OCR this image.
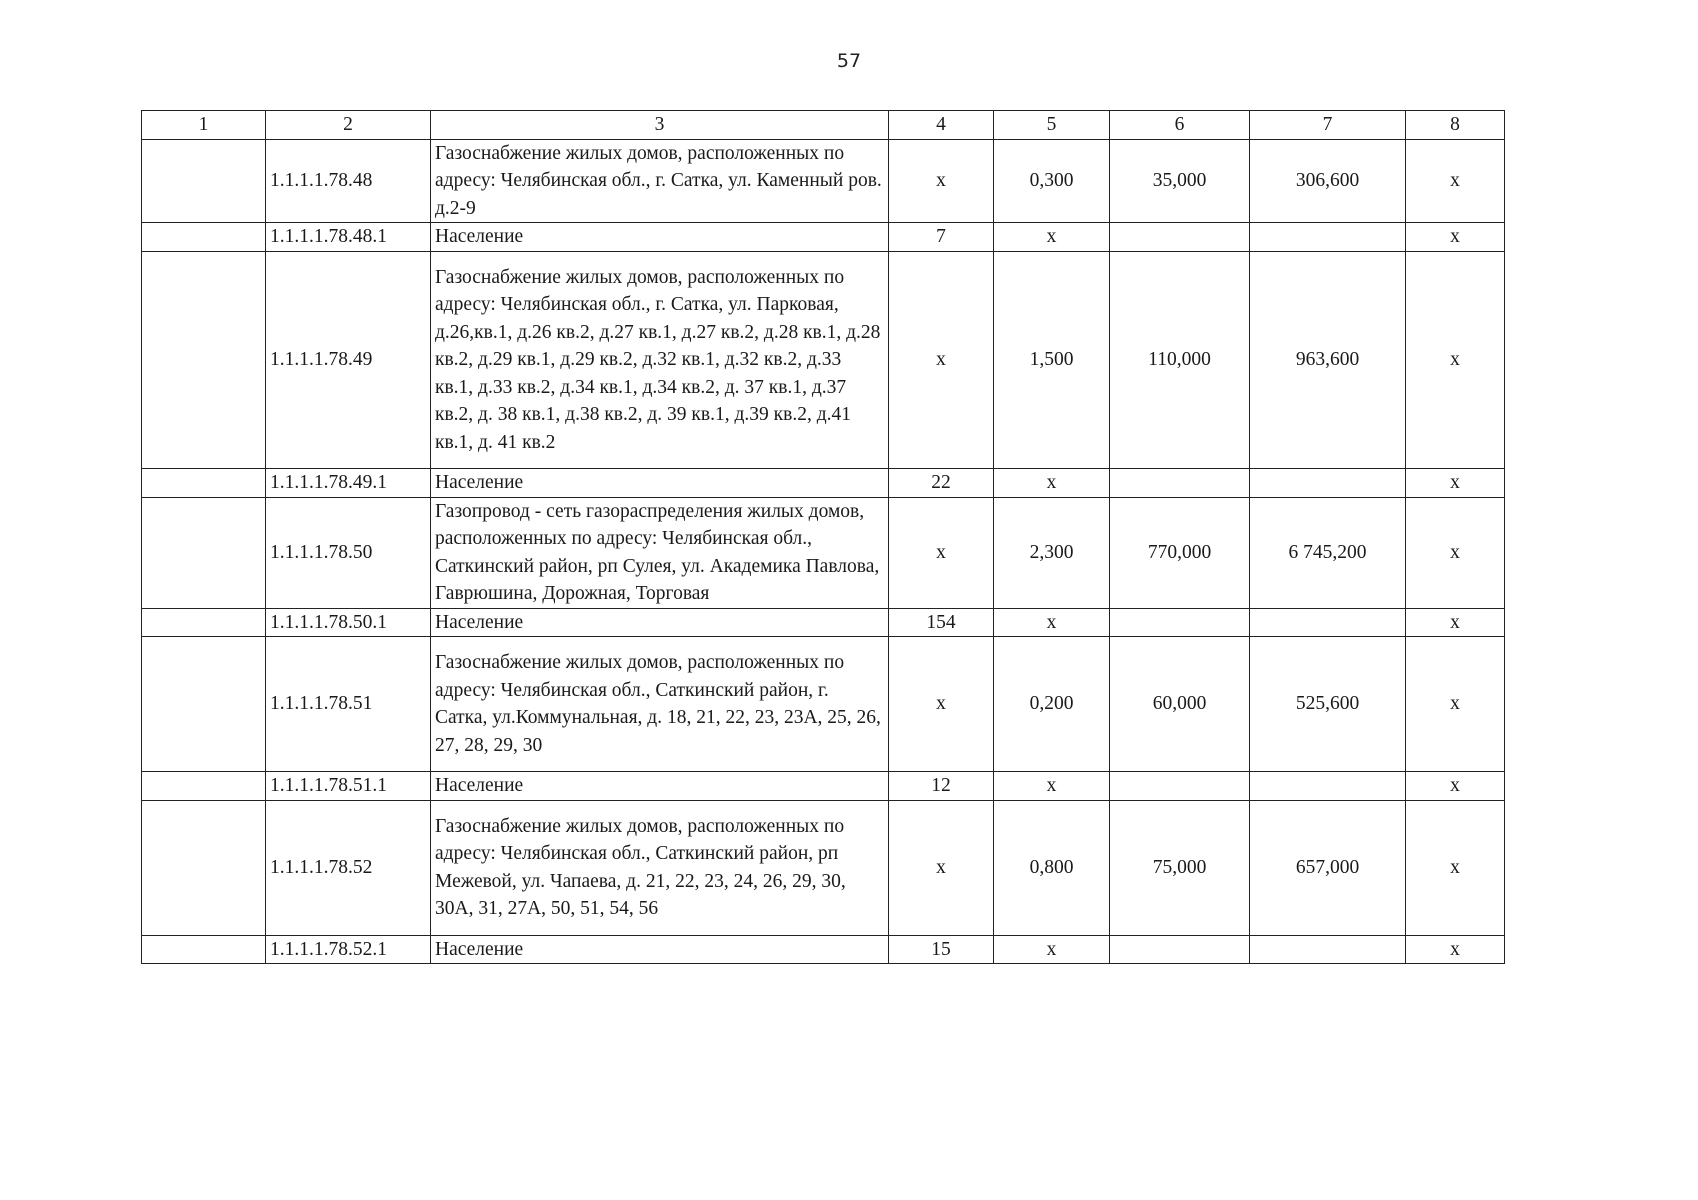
57
1	2	3	4	5	6	7	8
	1.1.1.1.78.48	Газоснабжение жилых домов, расположенных по адресу: Челябинская обл., г. Сатка, ул. Каменный ров. д.2-9	х	0,300	35,000	306,600	х
	1.1.1.1.78.48.1	Население	7	х			х
	1.1.1.1.78.49	Газоснабжение жилых домов, расположенных по адресу: Челябинская обл., г. Сатка, ул. Парковая, д.26,кв.1, д.26 кв.2, д.27 кв.1, д.27 кв.2, д.28 кв.1, д.28 кв.2, д.29 кв.1, д.29 кв.2, д.32 кв.1, д.32 кв.2, д.33 кв.1, д.33 кв.2, д.34 кв.1, д.34 кв.2, д. 37 кв.1, д.37 кв.2, д. 38 кв.1, д.38 кв.2, д. 39 кв.1, д.39 кв.2, д.41 кв.1, д. 41 кв.2	х	1,500	110,000	963,600	х
	1.1.1.1.78.49.1	Население	22	х			х
	1.1.1.1.78.50	Газопровод - сеть газораспределения жилых домов, расположенных по адресу: Челябинская обл., Саткинский район, рп Сулея, ул. Академика Павлова, Гаврюшина, Дорожная, Торговая	х	2,300	770,000	6 745,200	х
	1.1.1.1.78.50.1	Население	154	х			х
	1.1.1.1.78.51	Газоснабжение жилых домов, расположенных по адресу: Челябинская обл., Саткинский район, г. Сатка, ул.Коммунальная, д. 18, 21, 22, 23, 23А, 25, 26, 27, 28, 29, 30	х	0,200	60,000	525,600	х
	1.1.1.1.78.51.1	Население	12	х			х
	1.1.1.1.78.52	Газоснабжение жилых домов, расположенных по адресу: Челябинская обл., Саткинский район, рп Межевой, ул. Чапаева, д. 21, 22, 23, 24, 26, 29, 30, 30А, 31, 27А, 50, 51, 54, 56	х	0,800	75,000	657,000	х
	1.1.1.1.78.52.1	Население	15	х			х
